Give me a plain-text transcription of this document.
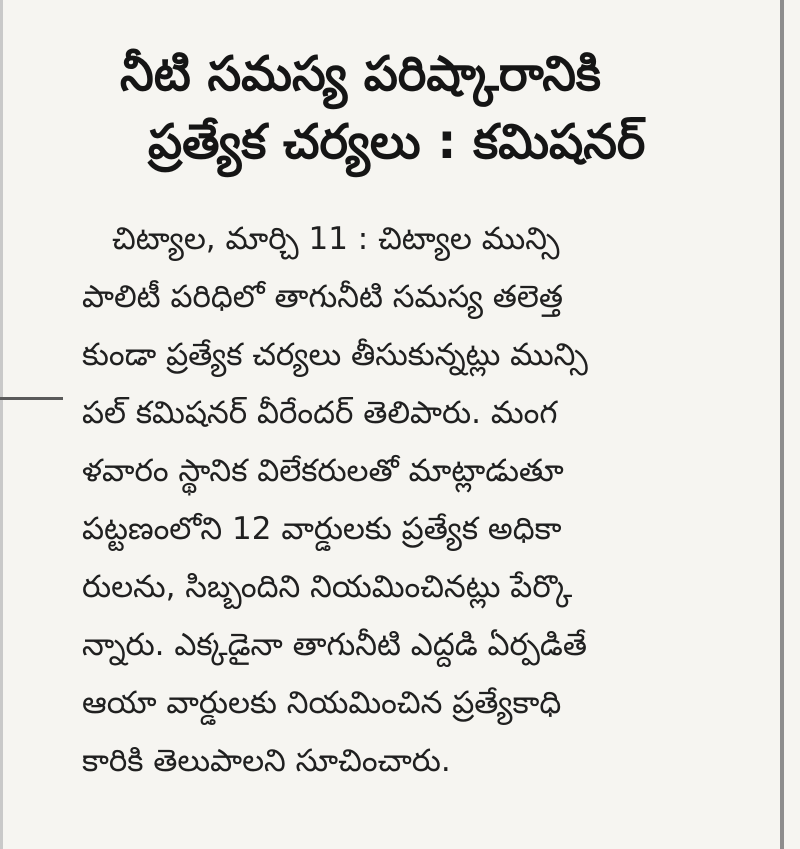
నీటి సమస్య పరిష్కారానికి
ప్రత్యేక చర్యలు : కమిషనర్
చిట్యాల, మార్చి 11 : చిట్యాల మున్సి
పాలిటీ పరిధిలో తాగునీటి సమస్య తలెత్త
కుండా ప్రత్యేక చర్యలు తీసుకున్నట్లు మున్సి
పల్ కమిషనర్ వీరేందర్ తెలిపారు. మంగ
ళవారం స్థానిక విలేకరులతో మాట్లాడుతూ
పట్టణంలోని 12 వార్డులకు ప్రత్యేక అధికా
రులను, సిబ్బందిని నియమించినట్లు పేర్కొ
న్నారు. ఎక్కడైనా తాగునీటి ఎద్దడి ఏర్పడితే
ఆయా వార్డులకు నియమించిన ప్రత్యేకాధి
కారికి తెలుపాలని సూచించారు.
